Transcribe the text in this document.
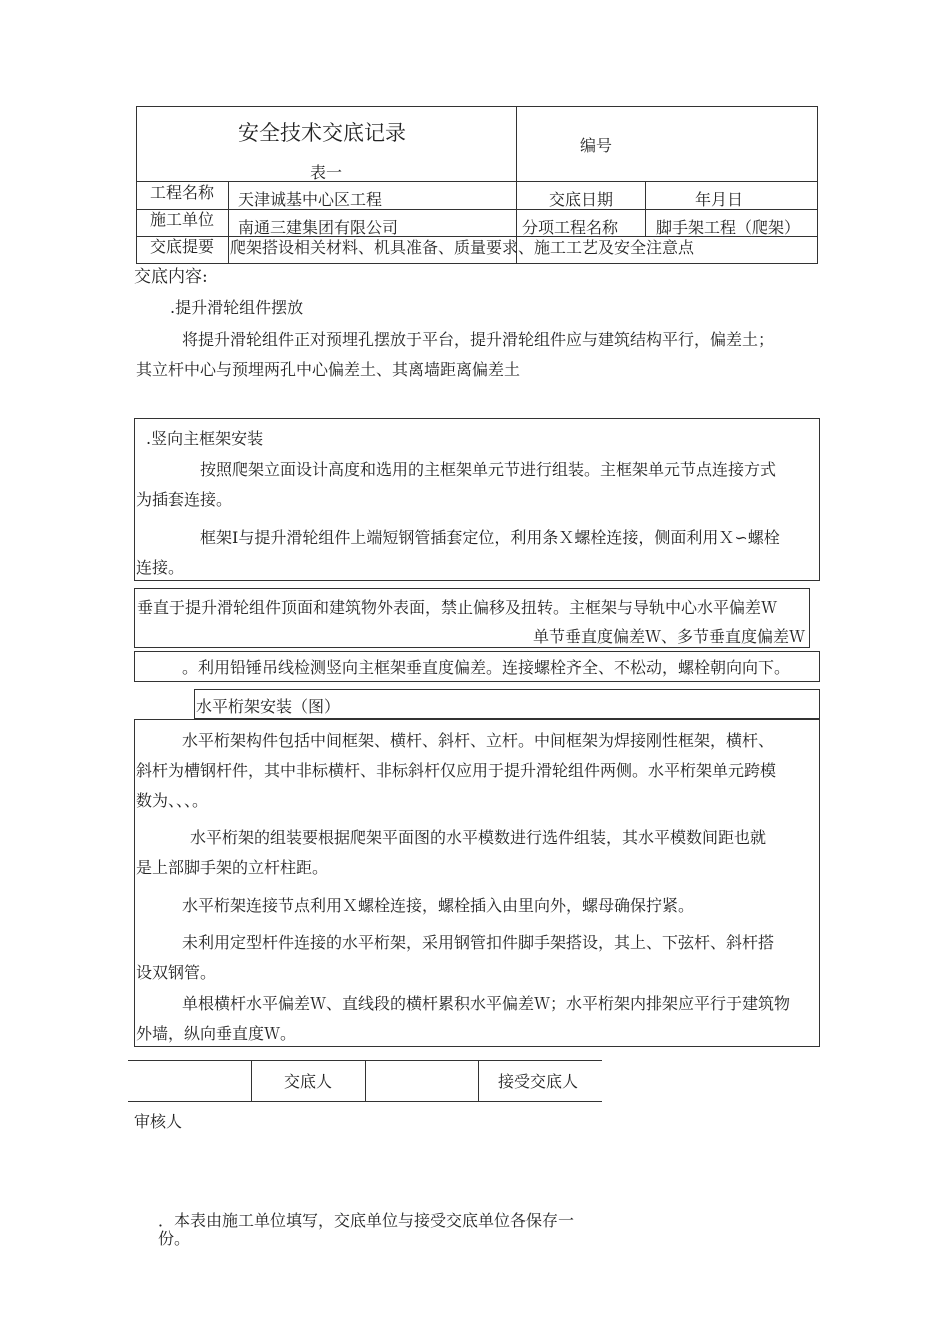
安全技术交底记录
表一
编号
工程名称	天津诚基中心区工程	交底日期	年月日
施工单位	南通三建集团有限公司	分项工程名称 脚手架工程（爬架）
交底提要 爬架搭设相关材料、机具准备、质量要求、施工工艺及安全注意点
交底内容:
.提升滑轮组件摆放
将提升滑轮组件正对预埋孔摆放于平台，提升滑轮组件应与建筑结构平行，偏差土；
其立杆中心与预埋两孔中心偏差土、其离墙距离偏差土
.竖向主框架安装
按照爬架立面设计高度和选用的主框架单元节进行组装。主框架单元节点连接方式
为插套连接。
框架Ⅰ与提升滑轮组件上端短钢管插套定位，利用条Ｘ螺栓连接，侧面利用Ｘ∽螺栓
连接。
垂直于提升滑轮组件顶面和建筑物外表面，禁止偏移及扭转。主框架与导轨中心水平偏差Ｗ
单节垂直度偏差Ｗ、多节垂直度偏差Ｗ
。利用铅锤吊线检测竖向主框架垂直度偏差。连接螺栓齐全、不松动，螺栓朝向向下。
水平桁架安装（图）
水平桁架构件包括中间框架、横杆、斜杆、立杆。中间框架为焊接刚性框架，横杆、
斜杆为槽钢杆件，其中非标横杆、非标斜杆仅应用于提升滑轮组件两侧。水平桁架单元跨模
数为、、、。
水平桁架的组装要根据爬架平面图的水平模数进行选件组装，其水平模数间距也就
是上部脚手架的立杆柱距。
水平桁架连接节点利用Ｘ螺栓连接，螺栓插入由里向外，螺母确保拧紧。
未利用定型杆件连接的水平桁架，采用钢管扣件脚手架搭设，其上、下弦杆、斜杆搭
设双钢管。
单根横杆水平偏差Ｗ、直线段的横杆累积水平偏差Ｗ；水平桁架内排架应平行于建筑物
外墙，纵向垂直度Ｗ。
交底人	接受交底人
审核人
．本表由施工单位填写，交底单位与接受交底单位各保存一
份。
